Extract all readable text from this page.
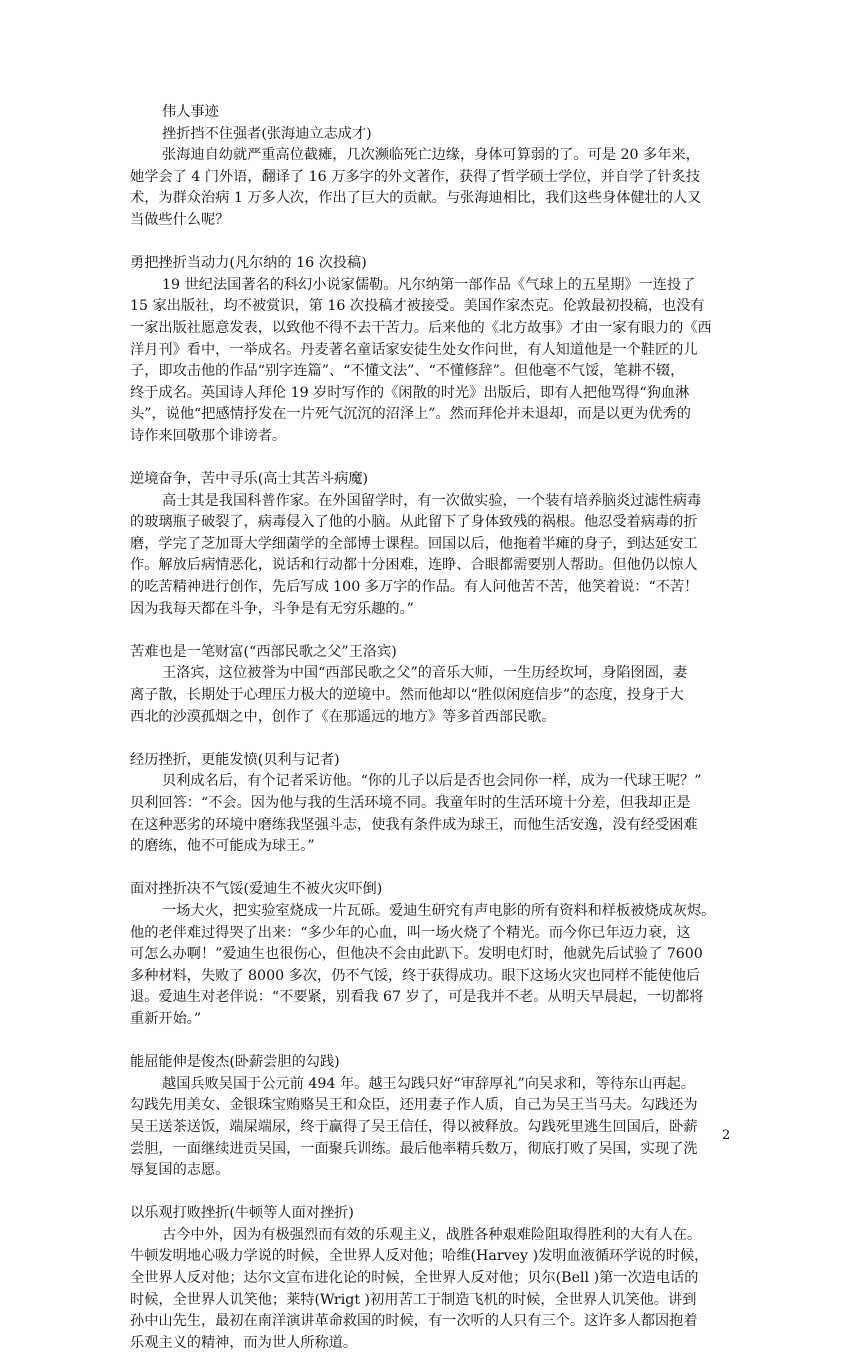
伟人事迹
挫折挡不住强者(张海迪立志成才)
张海迪自幼就严重高位截瘫，几次濒临死亡边缘，身体可算弱的了。可是 20 多年来，
她学会了 4 门外语，翻译了 16 万多字的外文著作，获得了哲学硕士学位，并自学了针炙技
术，为群众治病 1 万多人次，作出了巨大的贡献。与张海迪相比，我们这些身体健壮的人又
当做些什么呢？
勇把挫折当动力(凡尔纳的 16 次投稿)
19 世纪法国著名的科幻小说家儒勒。凡尔纳第一部作品《气球上的五星期》一连投了
15 家出版社，均不被赏识，第 16 次投稿才被接受。美国作家杰克。伦敦最初投稿，也没有
一家出版社愿意发表，以致他不得不去干苦力。后来他的《北方故事》才由一家有眼力的《西
洋月刊》看中，一举成名。丹麦著名童话家安徒生处女作问世，有人知道他是一个鞋匠的儿
子，即攻击他的作品“别字连篇”、“不懂文法”、“不懂修辞”。但他毫不气馁，笔耕不辍，
终于成名。英国诗人拜伦 19 岁时写作的《闲散的时光》出版后，即有人把他骂得“狗血淋
头”，说他“把感情抒发在一片死气沉沉的沼泽上”。然而拜伦并未退却，而是以更为优秀的
诗作来回敬那个诽谤者。
逆境奋争，苦中寻乐(高士其苦斗病魔)
高士其是我国科普作家。在外国留学时，有一次做实验，一个装有培养脑炎过滤性病毒
的玻璃瓶子破裂了，病毒侵入了他的小脑。从此留下了身体致残的祸根。他忍受着病毒的折
磨，学完了芝加哥大学细菌学的全部博士课程。回国以后，他拖着半瘫的身子，到达延安工
作。解放后病情恶化，说话和行动都十分困难，连睁、合眼都需要别人帮助。但他仍以惊人
的吃苦精神进行创作，先后写成 100 多万字的作品。有人问他苦不苦，他笑着说：“不苦！
因为我每天都在斗争，斗争是有无穷乐趣的。”
苦难也是一笔财富(“西部民歌之父”王洛宾)
王洛宾，这位被誉为中国“西部民歌之父”的音乐大师，一生历经坎坷，身陷囹圄，妻
离子散，长期处于心理压力极大的逆境中。然而他却以“胜似闲庭信步”的态度，投身于大
西北的沙漠孤烟之中，创作了《在那遥远的地方》等多首西部民歌。
经历挫折，更能发愤(贝利与记者)
贝利成名后，有个记者采访他。“你的儿子以后是否也会同你一样，成为一代球王呢？”
贝利回答：“不会。因为他与我的生活环境不同。我童年时的生活环境十分差，但我却正是
在这种恶劣的环境中磨练我坚强斗志，使我有条件成为球王，而他生活安逸，没有经受困难
的磨练，他不可能成为球王。”
面对挫折决不气馁(爱迪生不被火灾吓倒)
一场大火，把实验室烧成一片瓦砾。爱迪生研究有声电影的所有资料和样板被烧成灰烬。
他的老伴难过得哭了出来：“多少年的心血，叫一场火烧了个精光。而今你已年迈力衰，这
可怎么办啊！”爱迪生也很伤心，但他决不会由此趴下。发明电灯时，他就先后试验了 7600
多种材料，失败了 8000 多次，仍不气馁，终于获得成功。眼下这场火灾也同样不能使他后
退。爱迪生对老伴说：“不要紧，别看我 67 岁了，可是我并不老。从明天早晨起，一切都将
重新开始。”
能屈能伸是俊杰(卧薪尝胆的勾践)
越国兵败吴国于公元前 494 年。越王勾践只好“审辞厚礼”向吴求和，等待东山再起。
勾践先用美女、金银珠宝贿赂吴王和众臣，还用妻子作人质，自己为吴王当马夫。勾践还为
吴王送茶送饭，端屎端尿，终于赢得了吴王信任，得以被释放。勾践死里逃生回国后，卧薪
尝胆，一面继续进贡吴国，一面聚兵训练。最后他率精兵数万，彻底打败了吴国，实现了洗
辱复国的志愿。
以乐观打败挫折(牛顿等人面对挫折)
古今中外，因为有极强烈而有效的乐观主义，战胜各种艰难险阻取得胜利的大有人在。
牛顿发明地心吸力学说的时候，全世界人反对他；哈维(Harvey )发明血液循环学说的时候，
全世界人反对他；达尔文宣布进化论的时候，全世界人反对他；贝尔(Bell )第一次造电话的
时候，全世界人讥笑他；莱特(Wrigt )初用苦工于制造飞机的时候，全世界人讥笑他。讲到
孙中山先生，最初在南洋演讲革命救国的时候，有一次听的人只有三个。这许多人都因抱着
乐观主义的精神，而为世人所称道。
2
